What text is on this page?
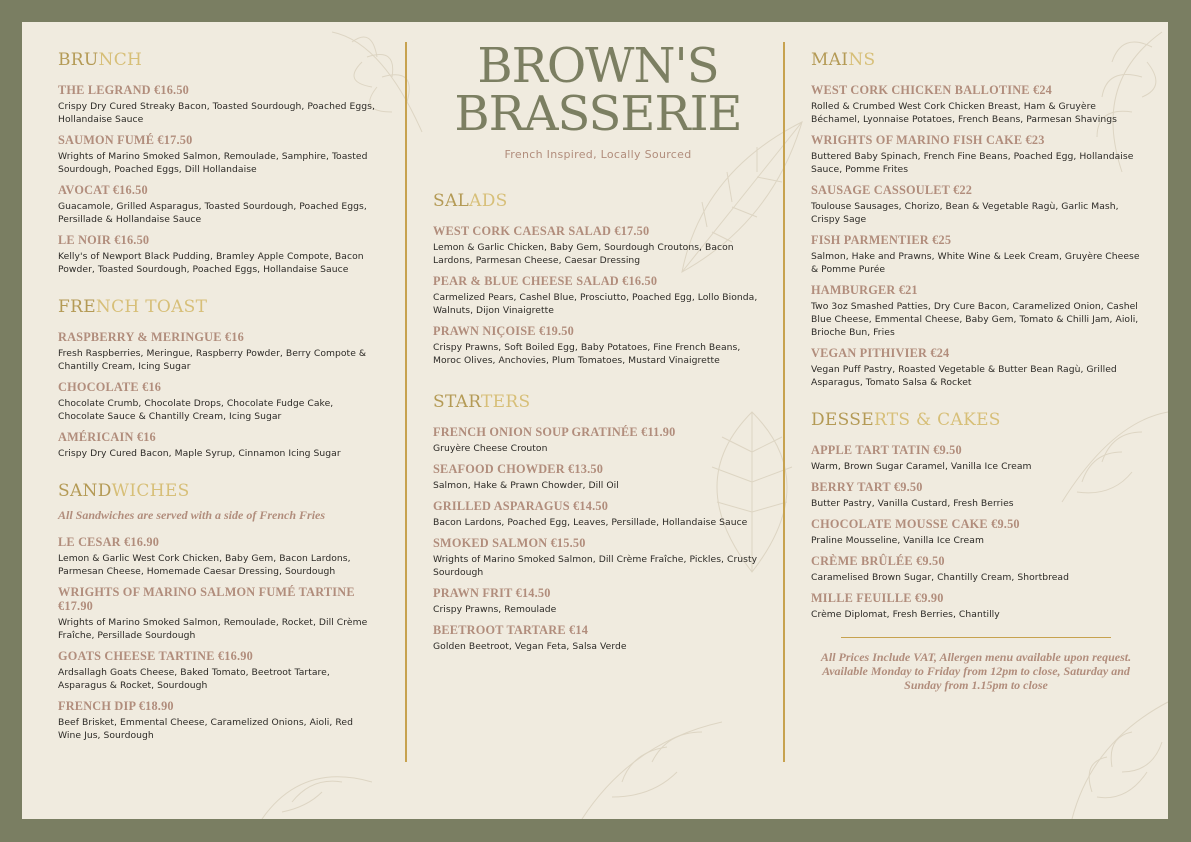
BRUNCH
THE LEGRAND €16.50
Crispy Dry Cured Streaky Bacon, Toasted Sourdough, Poached Eggs, Hollandaise Sauce
SAUMON FUMÉ €17.50
Wrights of Marino Smoked Salmon, Remoulade, Samphire, Toasted Sourdough, Poached Eggs, Dill Hollandaise
AVOCAT €16.50
Guacamole, Grilled Asparagus, Toasted Sourdough, Poached Eggs, Persillade & Hollandaise Sauce
LE NOIR €16.50
Kelly's of Newport Black Pudding, Bramley Apple Compote, Bacon Powder, Toasted Sourdough, Poached Eggs, Hollandaise Sauce
FRENCH TOAST
RASPBERRY & MERINGUE €16
Fresh Raspberries, Meringue, Raspberry Powder, Berry Compote & Chantilly Cream, Icing Sugar
CHOCOLATE €16
Chocolate Crumb, Chocolate Drops, Chocolate Fudge Cake, Chocolate Sauce & Chantilly Cream, Icing Sugar
AMÉRICAIN €16
Crispy Dry Cured Bacon, Maple Syrup, Cinnamon Icing Sugar
SANDWICHES
All Sandwiches are served with a side of French Fries
LE CESAR €16.90
Lemon & Garlic West Cork Chicken, Baby Gem, Bacon Lardons, Parmesan Cheese, Homemade Caesar Dressing, Sourdough
WRIGHTS OF MARINO SALMON FUMÉ TARTINE €17.90
Wrights of Marino Smoked Salmon, Remoulade, Rocket, Dill Crème Fraîche, Persillade Sourdough
GOATS CHEESE TARTINE €16.90
Ardsallagh Goats Cheese, Baked Tomato, Beetroot Tartare, Asparagus & Rocket, Sourdough
FRENCH DIP €18.90
Beef Brisket, Emmental Cheese, Caramelized Onions, Aioli, Red Wine Jus, Sourdough
BROWN'S
BRASSERIE
French Inspired, Locally Sourced
SALADS
WEST CORK CAESAR SALAD €17.50
Lemon & Garlic Chicken, Baby Gem, Sourdough Croutons, Bacon Lardons, Parmesan Cheese, Caesar Dressing
PEAR & BLUE CHEESE SALAD €16.50
Carmelized Pears, Cashel Blue, Prosciutto, Poached Egg, Lollo Bionda, Walnuts, Dijon Vinaigrette
PRAWN NIÇOISE €19.50
Crispy Prawns, Soft Boiled Egg, Baby Potatoes, Fine French Beans, Moroc Olives, Anchovies, Plum Tomatoes, Mustard Vinaigrette
STARTERS
FRENCH ONION SOUP GRATINÉE €11.90
Gruyère Cheese Crouton
SEAFOOD CHOWDER €13.50
Salmon, Hake & Prawn Chowder, Dill Oil
GRILLED ASPARAGUS €14.50
Bacon Lardons, Poached Egg, Leaves, Persillade, Hollandaise Sauce
SMOKED SALMON €15.50
Wrights of Marino Smoked Salmon, Dill Crème Fraîche, Pickles, Crusty Sourdough
PRAWN FRIT €14.50
Crispy Prawns, Remoulade
BEETROOT TARTARE €14
Golden Beetroot, Vegan Feta, Salsa Verde
MAINS
WEST CORK CHICKEN BALLOTINE €24
Rolled & Crumbed West Cork Chicken Breast, Ham & Gruyère Béchamel, Lyonnaise Potatoes, French Beans, Parmesan Shavings
WRIGHTS OF MARINO FISH CAKE €23
Buttered Baby Spinach, French Fine Beans, Poached Egg, Hollandaise Sauce, Pomme Frites
SAUSAGE CASSOULET €22
Toulouse Sausages, Chorizo, Bean & Vegetable Ragù, Garlic Mash, Crispy Sage
FISH PARMENTIER €25
Salmon, Hake and Prawns, White Wine & Leek Cream, Gruyère Cheese & Pomme Purée
HAMBURGER €21
Two 3oz Smashed Patties, Dry Cure Bacon, Caramelized Onion, Cashel Blue Cheese, Emmental Cheese, Baby Gem, Tomato & Chilli Jam, Aioli, Brioche Bun, Fries
VEGAN PITHIVIER €24
Vegan Puff Pastry, Roasted Vegetable & Butter Bean Ragù, Grilled Asparagus, Tomato Salsa & Rocket
DESSERTS & CAKES
APPLE TART TATIN €9.50
Warm, Brown Sugar Caramel, Vanilla Ice Cream
BERRY TART €9.50
Butter Pastry, Vanilla Custard, Fresh Berries
CHOCOLATE MOUSSE CAKE €9.50
Praline Mousseline, Vanilla Ice Cream
CRÈME BRÛLÉE €9.50
Caramelised Brown Sugar, Chantilly Cream, Shortbread
MILLE FEUILLE €9.90
Crème Diplomat, Fresh Berries, Chantilly
All Prices Include VAT, Allergen menu available upon request. Available Monday to Friday from 12pm to close, Saturday and Sunday from 1.15pm to close
